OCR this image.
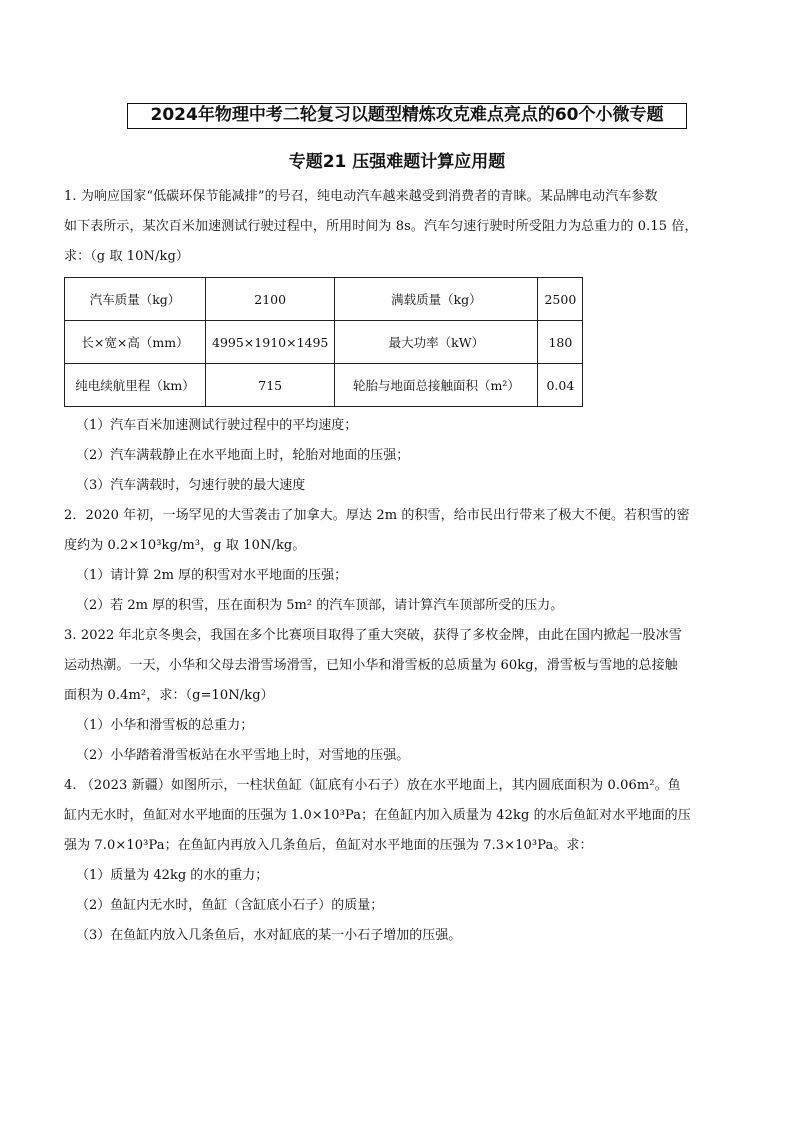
2024年物理中考二轮复习以题型精炼攻克难点亮点的60个小微专题
专题21 压强难题计算应用题

1. 为响应国家“低碳环保节能减排”的号召，纯电动汽车越来越受到消费者的青睐。某品牌电动汽车参数

如下表所示，某次百米加速测试行驶过程中，所用时间为 8s。汽车匀速行驶时所受阻力为总重力的 0.15 倍，

求：（g 取 10N/kg）

汽车质量（kg）	2100	满载质量（kg）	2500
长×宽×高（mm）	4995×1910×1495	最大功率（kW）	180
纯电续航里程（km）	715	轮胎与地面总接触面积（m²）	0.04

（1）汽车百米加速测试行驶过程中的平均速度；

（2）汽车满载静止在水平地面上时，轮胎对地面的压强；

（3）汽车满载时，匀速行驶的最大速度

2．2020 年初，一场罕见的大雪袭击了加拿大。厚达 2m 的积雪，给市民出行带来了极大不便。若积雪的密

度约为 0.2×10³kg/m³，g 取 10N/kg。

（1）请计算 2m 厚的积雪对水平地面的压强；

（2）若 2m 厚的积雪，压在面积为 5m² 的汽车顶部，请计算汽车顶部所受的压力。

3. 2022 年北京冬奥会，我国在多个比赛项目取得了重大突破，获得了多枚金牌，由此在国内掀起一股冰雪

运动热潮。一天，小华和父母去滑雪场滑雪，已知小华和滑雪板的总质量为 60kg，滑雪板与雪地的总接触

面积为 0.4m²，求：（g=10N/kg）

（1）小华和滑雪板的总重力；

（2）小华踏着滑雪板站在水平雪地上时，对雪地的压强。

4. （2023 新疆）如图所示，一柱状鱼缸（缸底有小石子）放在水平地面上，其内圆底面积为 0.06m²。鱼

缸内无水时，鱼缸对水平地面的压强为 1.0×10³Pa；在鱼缸内加入质量为 42kg 的水后鱼缸对水平地面的压

强为 7.0×10³Pa；在鱼缸内再放入几条鱼后，鱼缸对水平地面的压强为 7.3×10³Pa。求：

（1）质量为 42kg 的水的重力；

（2）鱼缸内无水时，鱼缸（含缸底小石子）的质量；

（3）在鱼缸内放入几条鱼后，水对缸底的某一小石子增加的压强。
